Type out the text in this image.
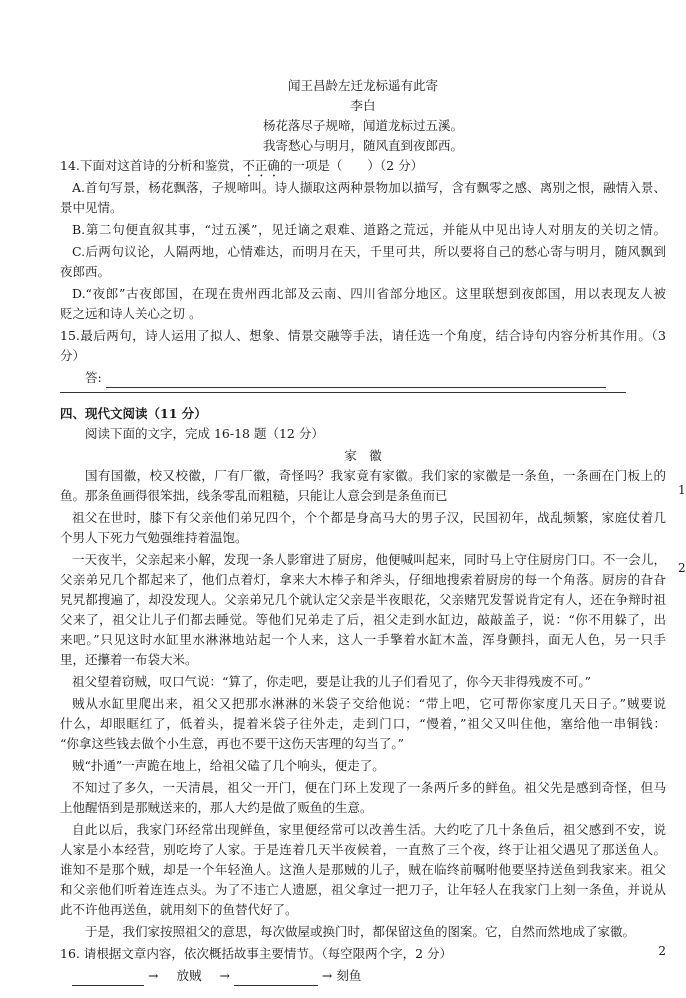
闻王昌龄左迁龙标遥有此寄
李白
杨花落尽子规啼，闻道龙标过五溪。
我寄愁心与明月，随风直到夜郎西。
14.下面对这首诗的分析和鉴赏，不正确的一项是（　　）（2 分）
A.首句写景，杨花飘落，子规啼叫。诗人撷取这两种景物加以描写，含有飘零之感、离别之恨，融情入景、
景中见情。
B.第二句便直叙其事，“过五溪”，见迁谪之艰难、道路之荒远，并能从中见出诗人对朋友的关切之情。
C.后两句议论，人隔两地，心情难达，而明月在天，千里可共，所以要将自己的愁心寄与明月，随风飘到
夜郎西。
D.“夜郎”古夜郎国，在现在贵州西北部及云南、四川省部分地区。这里联想到夜郎国，用以表现友人被
贬之远和诗人关心之切 。
15.最后两句，诗人运用了拟人、想象、情景交融等手法，请任选一个角度，结合诗句内容分析其作用。（3
分）
答:
四、现代文阅读（11 分）
阅读下面的文字，完成 16-18 题（12 分）
家　徽
国有国徽，校又校徽，厂有厂徽，奇怪吗？我家竟有家徽。我们家的家徽是一条鱼，一条画在门板上的
鱼。那条鱼画得很笨拙，线条零乱而粗糙，只能让人意会到是条鱼而已
祖父在世时，膝下有父亲他们弟兄四个，个个都是身高马大的男子汉，民国初年，战乱频繁，家庭仗着几
个男人下死力气勉强维持着温饱。
一天夜半，父亲起来小解，发现一条人影窜进了厨房，他便喊叫起来，同时马上守住厨房门口。不一会儿，
父亲弟兄几个都起来了，他们点着灯，拿来大木棒子和斧头，仔细地搜索着厨房的每一个角落。厨房的旮旮
旯旯都搜遍了，却没发现人。父亲弟兄几个就认定父亲是半夜眼花，父亲赌咒发誓说肯定有人，还在争辩时祖
父来了，祖父让儿子们都去睡觉。等他们兄弟走了后，祖父走到水缸边，敲敲盖子，说：“你不用躲了，出
来吧。”只见这时水缸里水淋淋地站起一个人来，这人一手擎着水缸木盖，浑身颤抖，面无人色，另一只手
里，还攥着一布袋大米。
祖父望着窃贼，叹口气说：“算了，你走吧，要是让我的儿子们看见了，你今天非得残废不可。”
贼从水缸里爬出来，祖父又把那水淋淋的米袋子交给他说：“带上吧，它可帮你家度几天日子。”贼要说
什么，却眼眶红了，低着头，提着米袋子往外走，走到门口，“慢着，”祖父又叫住他，塞给他一串铜钱：
“你拿这些钱去做个小生意，再也不要干这伤天害理的勾当了。”
贼“扑通”一声跪在地上，给祖父磕了几个响头，便走了。
不知过了多久，一天清晨，祖父一开门，便在门环上发现了一条两斤多的鲜鱼。祖父先是感到奇怪，但马
上他醒悟到是那贼送来的，那人大约是做了贩鱼的生意。
自此以后，我家门环经常出现鲜鱼，家里便经常可以改善生活。大约吃了几十条鱼后，祖父感到不安，说
人家是小本经营，别吃垮了人家。于是连着几天半夜候着，一直熬了三个夜，终于让祖父遇见了那送鱼人。
谁知不是那个贼，却是一个年轻渔人。这渔人是那贼的儿子，贼在临终前嘱咐他要坚持送鱼到我家来。祖父
和父亲他们听着连连点头。为了不违亡人遗愿，祖父拿过一把刀子，让年轻人在我家门上刻一条鱼，并说从
此不许他再送鱼，就用刻下的鱼替代好了。
于是，我们家按照祖父的意思，每次做屋或换门时，都保留这鱼的图案。它，自然而然地成了家徽。
16. 请根据文章内容，依次概括故事主要情节。（每空限两个字，2 分）
→ 放贼 →	→ 刻鱼
1
2
2
